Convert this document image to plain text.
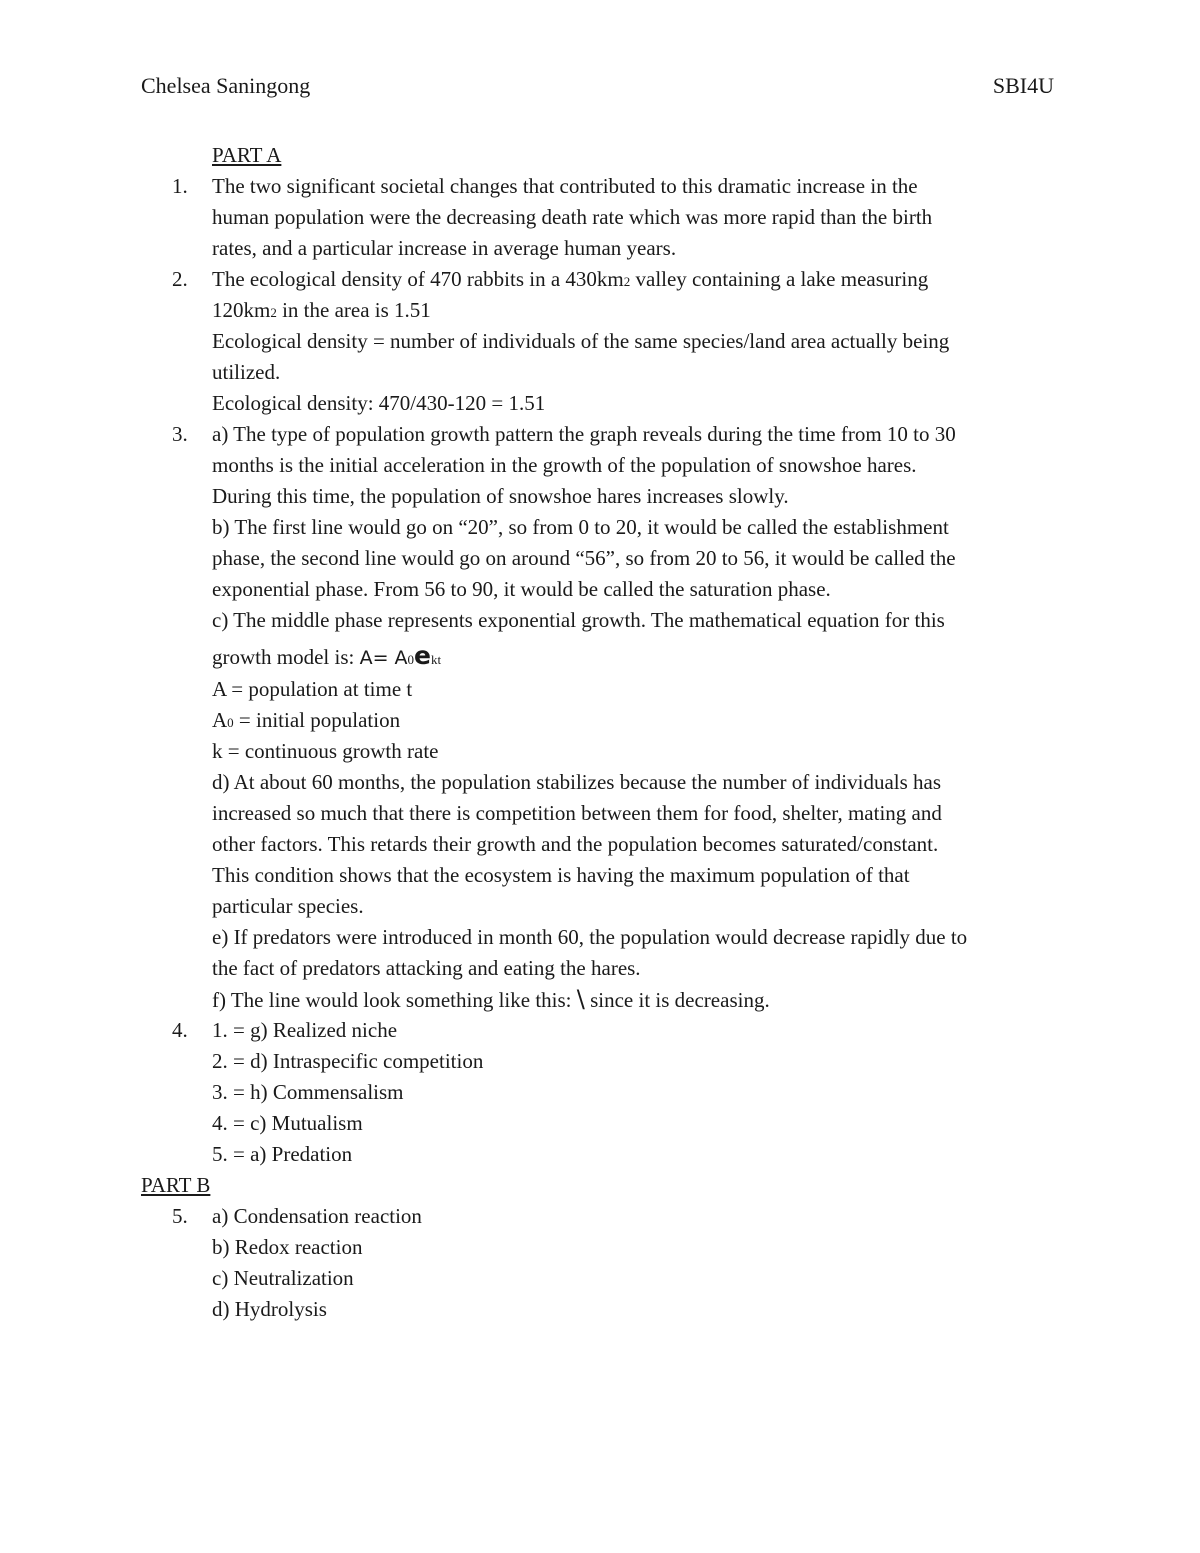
Chelsea Saningong	SBI4U
PART A
1. The two significant societal changes that contributed to this dramatic increase in the
human population were the decreasing death rate which was more rapid than the birth
rates, and a particular increase in average human years.
2. The ecological density of 470 rabbits in a 430km2 valley containing a lake measuring
120km2 in the area is 1.51
Ecological density = number of individuals of the same species/land area actually being
utilized.
Ecological density: 470/430-120 = 1.51
3. a) The type of population growth pattern the graph reveals during the time from 10 to 30
months is the initial acceleration in the growth of the population of snowshoe hares.
During this time, the population of snowshoe hares increases slowly.
b) The first line would go on “20”, so from 0 to 20, it would be called the establishment
phase, the second line would go on around “56”, so from 20 to 56, it would be called the
exponential phase. From 56 to 90, it would be called the saturation phase.
c) The middle phase represents exponential growth. The mathematical equation for this
growth model is: A= A0ekt
A = population at time t
A0 = initial population
k = continuous growth rate
d) At about 60 months, the population stabilizes because the number of individuals has
increased so much that there is competition between them for food, shelter, mating and
other factors. This retards their growth and the population becomes saturated/constant.
This condition shows that the ecosystem is having the maximum population of that
particular species.
e) If predators were introduced in month 60, the population would decrease rapidly due to
the fact of predators attacking and eating the hares.
f) The line would look something like this: \ since it is decreasing.
4. 1. = g) Realized niche
2. = d) Intraspecific competition
3. = h) Commensalism
4. = c) Mutualism
5. = a) Predation
PART B
5. a) Condensation reaction
b) Redox reaction
c) Neutralization
d) Hydrolysis
